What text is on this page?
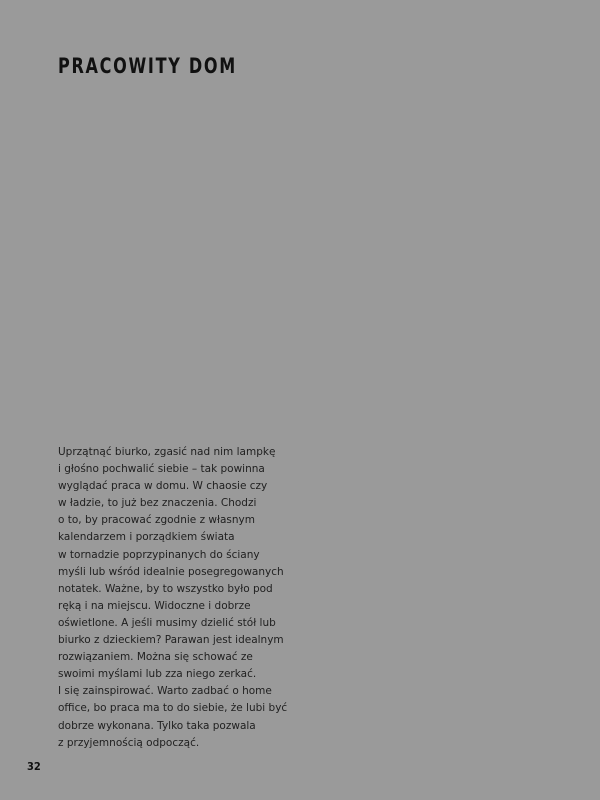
PRACOWITY DOM
Uprzątnąć biurko, zgasić nad nim lampkę
i głośno pochwalić siebie – tak powinna
wyglądać praca w domu. W chaosie czy
w ładzie, to już bez znaczenia. Chodzi
o to, by pracować zgodnie z własnym
kalendarzem i porządkiem świata
w tornadzie poprzypinanych do ściany
myśli lub wśród idealnie posegregowanych
notatek. Ważne, by to wszystko było pod
ręką i na miejscu. Widoczne i dobrze
oświetlone. A jeśli musimy dzielić stół lub
biurko z dzieckiem? Parawan jest idealnym
rozwiązaniem. Można się schować ze
swoimi myślami lub zza niego zerkać.
I się zainspirować. Warto zadbać o home
office, bo praca ma to do siebie, że lubi być
dobrze wykonana. Tylko taka pozwala
z przyjemnością odpocząć.
32
